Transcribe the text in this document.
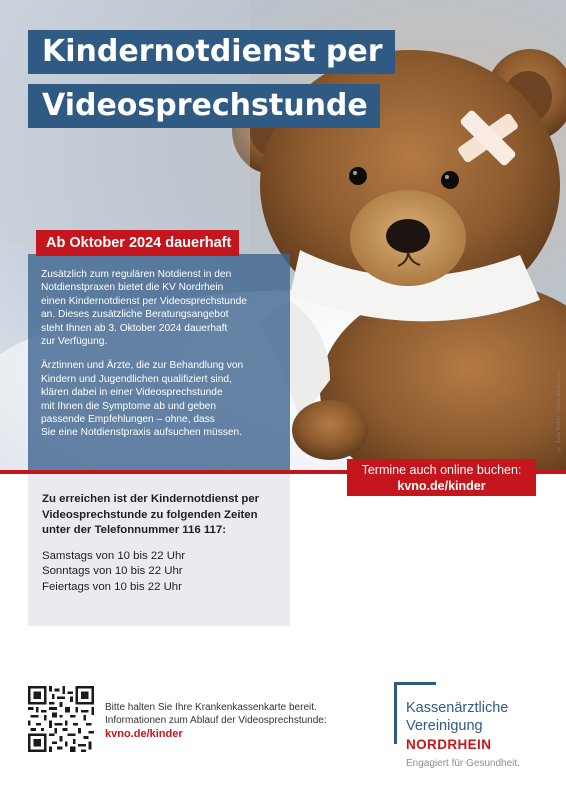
© Julia Rotter / stock.adobe.com
Kindernotdienst per
Videosprechstunde

Zusätzlich zum regulären Notdienst in den
Notdienstpraxen bietet die KV Nordrhein
einen Kindernotdienst per Videosprechstunde
an. Dieses zusätzliche Beratungsangebot
steht Ihnen ab 3. Oktober 2024 dauerhaft
zur Verfügung.

Ärztinnen und Ärzte, die zur Behandlung von
Kindern und Jugendlichen qualifiziert sind,
klären dabei in einer Videosprechstunde
mit Ihnen die Symptome ab und geben
passende Empfehlungen – ohne, dass
Sie eine Notdienstpraxis aufsuchen müssen.

Ab Oktober 2024 dauerhaft
Termine auch online buchen:
kvno.de/kinder
Zu erreichen ist der Kindernotdienst per
Videosprechstunde zu folgenden Zeiten
unter der Telefonnummer 116 117:
Samstags von 10 bis 22 Uhr
Sonntags von 10 bis 22 Uhr
Feiertags von 10 bis 22 Uhr
Bitte halten Sie Ihre Krankenkassenkarte bereit.
Informationen zum Ablauf der Videosprechstunde:
kvno.de/kinder
Kassenärztliche
Vereinigung
NORDRHEIN
Engagiert für Gesundheit.
